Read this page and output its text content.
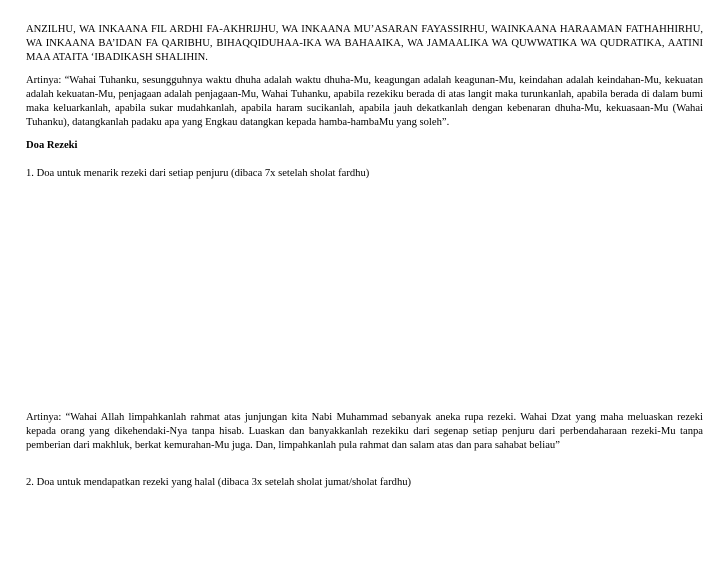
ANZILHU, WA INKAANA FIL ARDHI FA-AKHRIJHU, WA INKAANA MU’ASARAN FAYASSIRHU, WAINKAANA HARAAMAN FATHAHHIRHU, WA INKAANA BA’IDAN FA QARIBHU, BIHAQQIDUHAA-IKA WA BAHAAIKA, WA JAMAALIKA WA QUWWATIKA WA QUDRATIKA, AATINI MAA ATAITA ‘IBADIKASH SHALIHIN.

Artinya: “Wahai Tuhanku, sesungguhnya waktu dhuha adalah waktu dhuha-Mu, keagungan adalah keagunan-Mu, keindahan adalah keindahan-Mu, kekuatan adalah kekuatan-Mu, penjagaan adalah penjagaan-Mu, Wahai Tuhanku, apabila rezekiku berada di atas langit maka turunkanlah, apabila berada di dalam bumi maka keluarkanlah, apabila sukar mudahkanlah, apabila haram sucikanlah, apabila jauh dekatkanlah dengan kebenaran dhuha-Mu, kekuasaan-Mu (Wahai Tuhanku), datangkanlah padaku apa yang Engkau datangkan kepada hamba-hambaMu yang soleh”.

Doa Rezeki

1. Doa untuk menarik rezeki dari setiap penjuru (dibaca 7x setelah sholat fardhu)

Artinya: “Wahai Allah limpahkanlah rahmat atas junjungan kita Nabi Muhammad sebanyak aneka rupa rezeki. Wahai Dzat yang maha meluaskan rezeki kepada orang yang dikehendaki-Nya tanpa hisab. Luaskan dan banyakkanlah rezekiku dari segenap setiap penjuru dari perbendaharaan rezeki-Mu tanpa pemberian dari makhluk, berkat kemurahan-Mu juga. Dan, limpahkanlah pula rahmat dan salam atas dan para sahabat beliau”

2. Doa untuk mendapatkan rezeki yang halal (dibaca 3x setelah sholat jumat/sholat fardhu)
